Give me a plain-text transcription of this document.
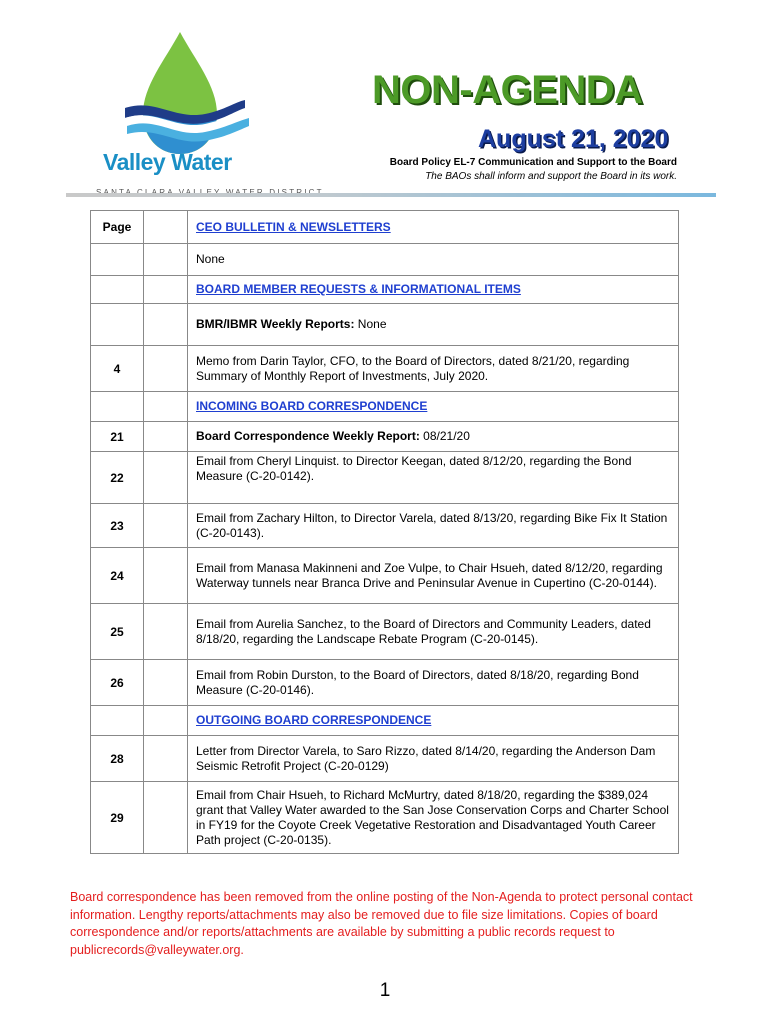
Valley Water
NON-AGENDA
August 21, 2020
Board Policy EL-7 Communication and Support to the Board
The BAOs shall inform and support the Board in its work.
Page		CEO BULLETIN & NEWSLETTERS
		None
		BOARD MEMBER REQUESTS & INFORMATIONAL ITEMS
		BMR/IBMR Weekly Reports: None
4		Memo from Darin Taylor, CFO, to the Board of Directors, dated 8/21/20, regarding Summary of Monthly Report of Investments, July 2020.
		INCOMING BOARD CORRESPONDENCE
21		Board Correspondence Weekly Report: 08/21/20
22		Email from Cheryl Linquist. to Director Keegan, dated 8/12/20, regarding the Bond Measure (C-20-0142).
23		Email from Zachary Hilton, to Director Varela, dated 8/13/20, regarding Bike Fix It Station (C-20-0143).
24		Email from Manasa Makinneni and Zoe Vulpe, to Chair Hsueh, dated 8/12/20, regarding Waterway tunnels near Branca Drive and Peninsular Avenue in Cupertino (C-20-0144).
25		Email from Aurelia Sanchez, to the Board of Directors and Community Leaders, dated 8/18/20, regarding the Landscape Rebate Program (C-20-0145).
26		Email from Robin Durston, to the Board of Directors, dated 8/18/20, regarding Bond Measure (C-20-0146).
		OUTGOING BOARD CORRESPONDENCE
28		Letter from Director Varela, to Saro Rizzo, dated 8/14/20, regarding the Anderson Dam Seismic Retrofit Project (C-20-0129)
29		Email from Chair Hsueh, to Richard McMurtry, dated 8/18/20, regarding the $389,024 grant that Valley Water awarded to the San Jose Conservation Corps and Charter School in FY19 for the Coyote Creek Vegetative Restoration and Disadvantaged Youth Career Path project (C-20-0135).
Board correspondence has been removed from the online posting of the Non-Agenda to protect personal contact information. Lengthy reports/attachments may also be removed due to file size limitations. Copies of board correspondence and/or reports/attachments are available by submitting a public records request to publicrecords@valleywater.org.
1
